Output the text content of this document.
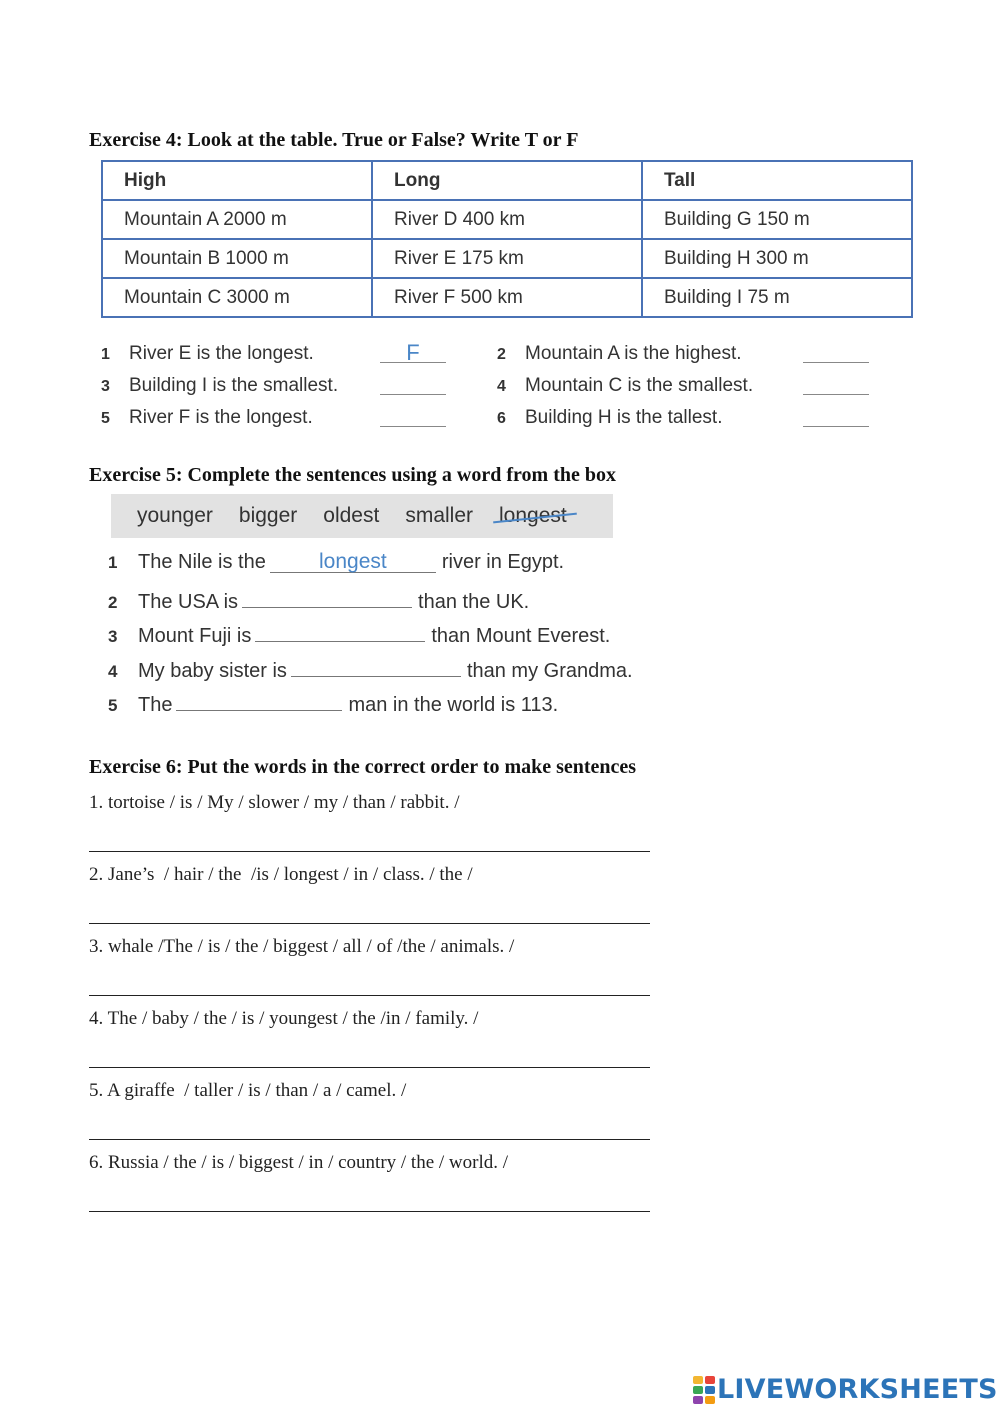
Exercise 4: Look at the table. True or False? Write T or F
High	Long	Tall
Mountain A 2000 m	River D 400 km	Building G 150 m
Mountain B 1000 m	River E 175 km	Building H 300 m
Mountain C 3000 m	River F 500 km	Building I 75 m
1	River E is the longest.	F	2	Mountain A is the highest.
3	Building I is the smallest.	4	Mountain C is the smallest.
5	River F is the longest.	6	Building H is the tallest.
Exercise 5: Complete the sentences using a word from the box
younger bigger oldest smaller longest
1 The Nile is the	longest	river in Egypt.
2 The USA is	than the UK.
3 Mount Fuji is	than Mount Everest.
4 My baby sister is	than my Grandma.
5 The	man in the world is 113.
Exercise 6: Put the words in the correct order to make sentences
1. tortoise / is / My / slower / my / than / rabbit. /
2. Jane’s  / hair / the  /is / longest / in / class. / the /
3. whale /The / is / the / biggest / all / of /the / animals. /
4. The / baby / the / is / youngest / the /in / family. /
5. A giraffe  / taller / is / than / a / camel. /
6. Russia / the / is / biggest / in / country / the / world. /
LIVEWORKSHEETS
